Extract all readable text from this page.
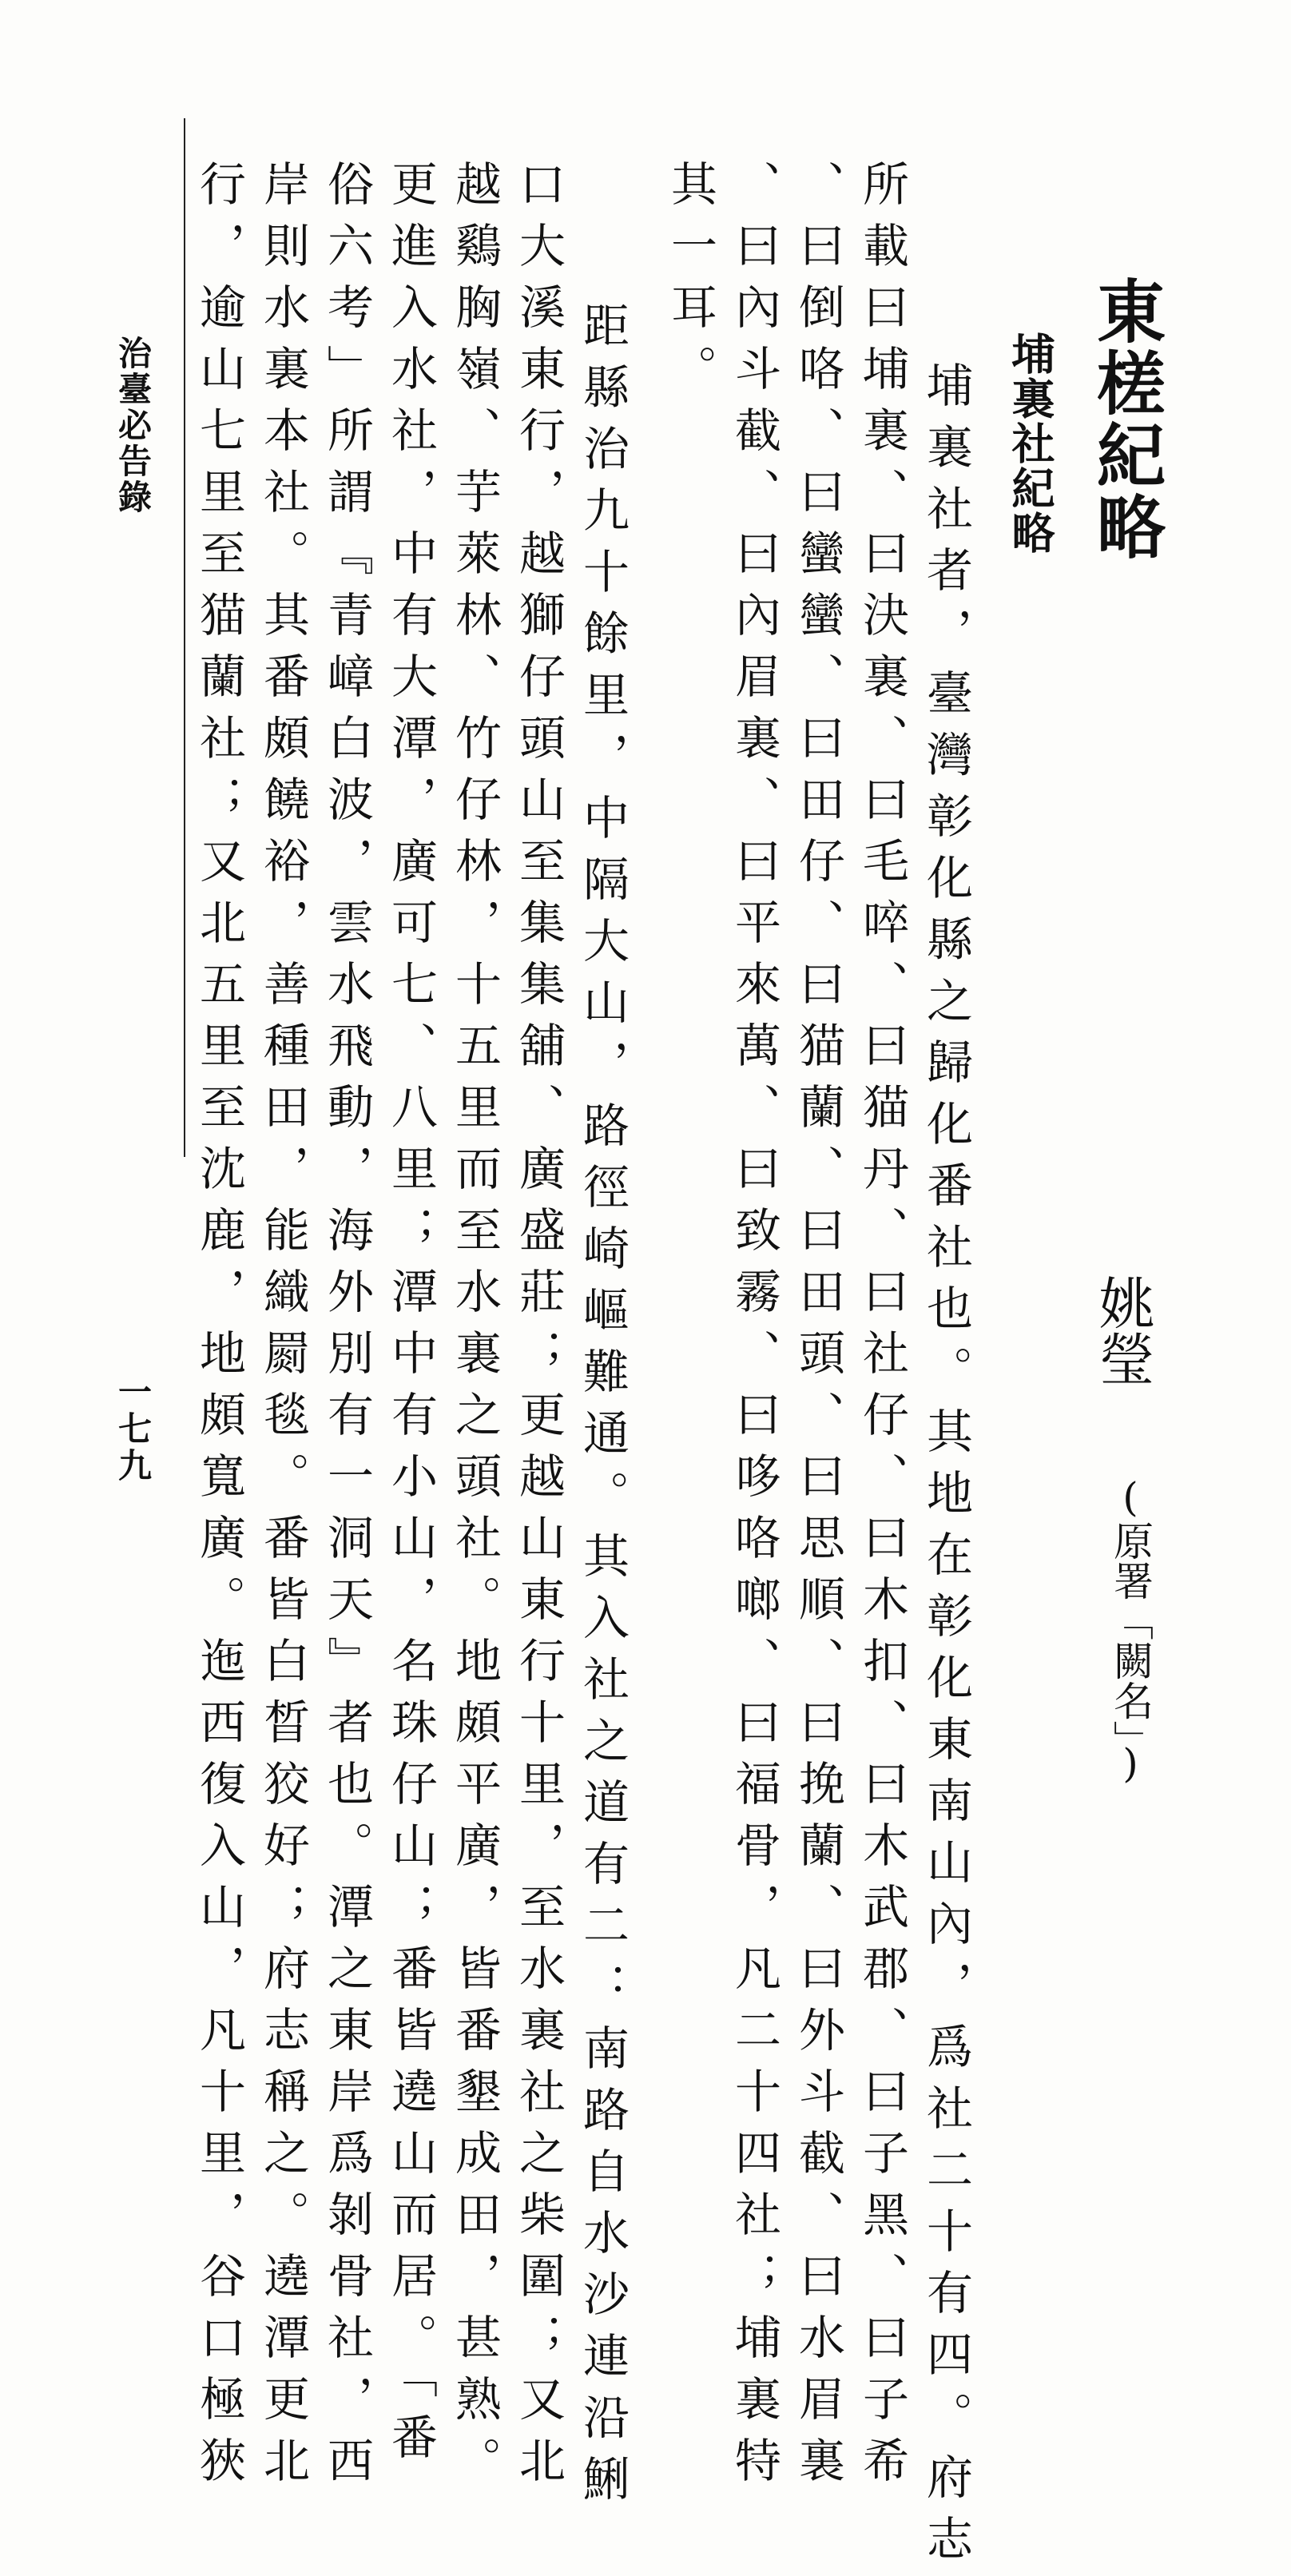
東槎紀略
姚瑩
(原署「闕名」)
埔裏社紀略
　埔裏社者，臺灣彰化縣之歸化番社也。其地在彰化東南山內，爲社二十有四。府志
所載曰埔裏、曰決裏、曰毛啐、曰猫丹、曰社仔、曰木扣、曰木武郡、曰子黑、曰子希
、曰倒咯、曰蠻蠻、曰田仔、曰猫蘭、曰田頭、曰思順、曰挽蘭、曰外斗截、曰水眉裏
、曰內斗截、曰內眉裏、曰平來萬、曰致霧、曰哆咯啷、曰福骨，凡二十四社；埔裏特
其一耳。
　距縣治九十餘里，中隔大山，路徑崎嶇難通。其入社之道有二：南路自水沙連沿鯏
口大溪東行，越獅仔頭山至集集舖、廣盛莊；更越山東行十里，至水裏社之柴圍；又北
越鷄胸嶺、芋萊林、竹仔林，十五里而至水裏之頭社。地頗平廣，皆番墾成田，甚熟。
更進入水社，中有大潭，廣可七、八里；潭中有小山，名珠仔山；番皆遶山而居。「番
俗六考」所謂『青嶂白波，雲水飛動，海外別有一洞天』者也。潭之東岸爲剝骨社，西
岸則水裏本社。其番頗饒裕，善種田，能織罽毯。番皆白晳狡好；府志稱之。遶潭更北
行，逾山七里至猫蘭社；又北五里至沈鹿，地頗寬廣。迤西復入山，凡十里，谷口極狹
治臺必告錄
一七九
